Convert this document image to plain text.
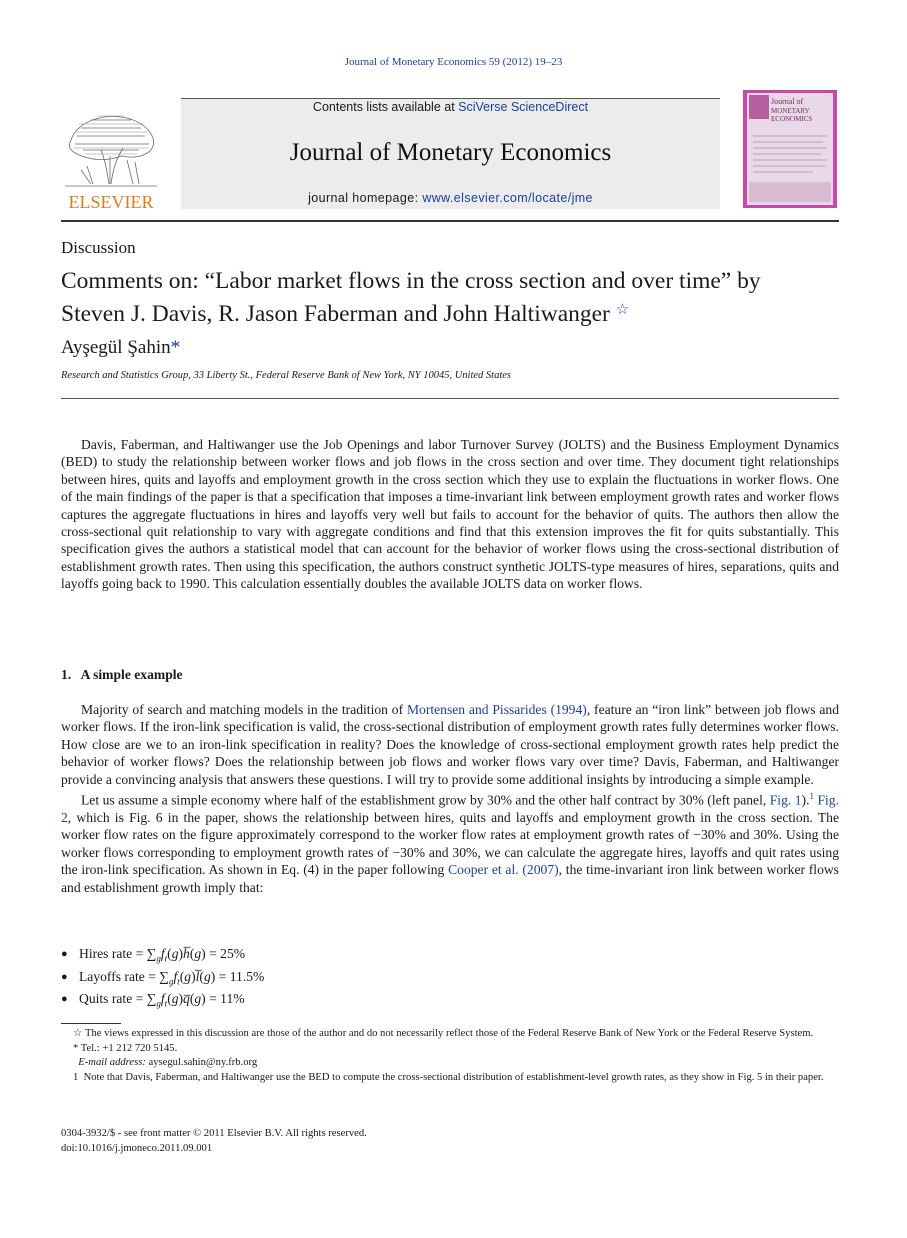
Journal of Monetary Economics 59 (2012) 19–23
ELSEVIER
Contents lists available at SciVerse ScienceDirect
Journal of Monetary Economics
journal homepage: www.elsevier.com/locate/jme
Journal of
MONETARY
ECONOMICS
Discussion
Comments on: “Labor market flows in the cross section and over time” by Steven J. Davis, R. Jason Faberman and John Haltiwanger ☆
Ayşegül Şahin*
Research and Statistics Group, 33 Liberty St., Federal Reserve Bank of New York, NY 10045, United States

Davis, Faberman, and Haltiwanger use the Job Openings and labor Turnover Survey (JOLTS) and the Business Employment Dynamics (BED) to study the relationship between worker flows and job flows in the cross section and over time. They document tight relationships between hires, quits and layoffs and employment growth in the cross section which they use to explain the fluctuations in worker flows. One of the main findings of the paper is that a specification that imposes a time-invariant link between employment growth rates and worker flows captures the aggregate fluctuations in hires and layoffs very well but fails to account for the behavior of quits. The authors then allow the cross-sectional quit relationship to vary with aggregate conditions and find that this extension improves the fit for quits substantially. This specification gives the authors a statistical model that can account for the behavior of worker flows using the cross-sectional distribution of establishment growth rates. Then using this specification, the authors construct synthetic JOLTS-type measures of hires, separations, quits and layoffs going back to 1990. This calculation essentially doubles the available JOLTS data on worker flows.

1.  A simple example

Majority of search and matching models in the tradition of Mortensen and Pissarides (1994), feature an “iron link” between job flows and worker flows. If the iron-link specification is valid, the cross-sectional distribution of employment growth rates fully determines worker flows. How close are we to an iron-link specification in reality? Does the knowledge of cross-sectional employment growth rates help predict the behavior of worker flows? Does the relationship between job flows and worker flows vary over time? Davis, Faberman, and Haltiwanger provide a convincing analysis that answers these questions. I will try to provide some additional insights by introducing a simple example.

Let us assume a simple economy where half of the establishment grow by 30% and the other half contract by 30% (left panel, Fig. 1).$^1$ Fig. 2, which is Fig. 6 in the paper, shows the relationship between hires, quits and layoffs and employment growth in the cross section. The worker flow rates on the figure approximately correspond to the worker flow rates at employment growth rates of −30% and 30%. Using the worker flows corresponding to employment growth rates of −30% and 30%, we can calculate the aggregate hires, layoffs and quit rates using the iron-link specification. As shown in Eq. (4) in the paper following Cooper et al. (2007), the time-invariant iron link between worker flows and establishment growth imply that:

● Hires rate = $\sum_gf_t(g)h̅(g) = 25\%$
● Layoffs rate = $\sum_gf_t(g)l̅(g) = 11.5\%$
● Quits rate = $\sum_gf_t(g)q̅(g) = 11\%$

☆ The views expressed in this discussion are those of the author and do not necessarily reflect those of the Federal Reserve Bank of New York or the Federal Reserve System.

* Tel.: +1 212 720 5145.

E-mail address: aysegul.sahin@ny.frb.org

1 Note that Davis, Faberman, and Haltiwanger use the BED to compute the cross-sectional distribution of establishment-level growth rates, as they show in Fig. 5 in their paper.

0304-3932/$ - see front matter © 2011 Elsevier B.V. All rights reserved.
doi:10.1016/j.jmoneco.2011.09.001
